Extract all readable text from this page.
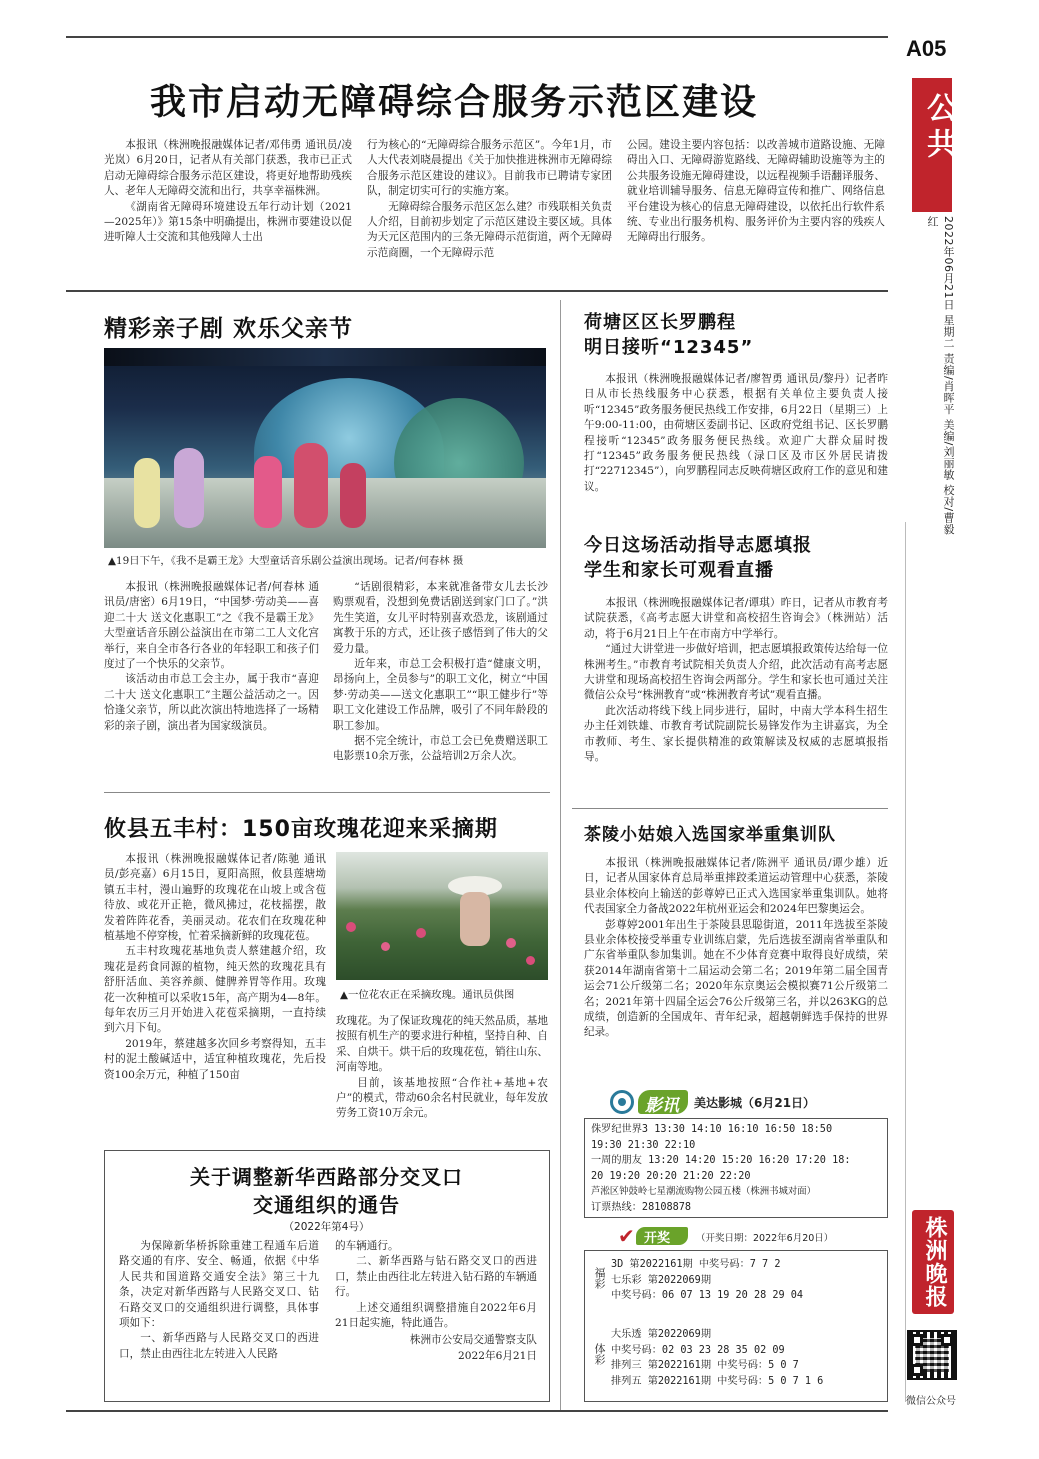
A05
公共
2022年06月21日 星期二 责编/肖晖平 美编/刘丽敏 校对/曹毅红
株洲晚报
微信公众号
我市启动无障碍综合服务示范区建设

本报讯（株洲晚报融媒体记者/邓伟勇 通讯员/凌光岚）6月20日，记者从有关部门获悉，我市已正式启动无障碍综合服务示范区建设，将更好地帮助残疾人、老年人无障碍交流和出行，共享幸福株洲。

《湖南省无障碍环境建设五年行动计划（2021—2025年）》第15条中明确提出，株洲市要建设以促进听障人士交流和其他残障人士出

行为核心的“无障碍综合服务示范区”。今年1月，市人大代表刘晓晨提出《关于加快推进株洲市无障碍综合服务示范区建设的建议》。目前我市已聘请专家团队，制定切实可行的实施方案。

无障碍综合服务示范区怎么建？市残联相关负责人介绍，目前初步划定了示范区建设主要区域。具体为天元区范围内的三条无障碍示范街道，两个无障碍示范商圈，一个无障碍示范

公园。建设主要内容包括：以改善城市道路设施、无障碍出入口、无障碍游览路线、无障碍辅助设施等为主的公共服务设施无障碍建设，以远程视频手语翻译服务、就业培训辅导服务、信息无障碍宣传和推广、网络信息平台建设为核心的信息无障碍建设，以依托出行软件系统、专业出行服务机构、服务评价为主要内容的残疾人无障碍出行服务。

精彩亲子剧 欢乐父亲节
▲19日下午，《我不是霸王龙》大型童话音乐剧公益演出现场。记者/何春林 摄

本报讯（株洲晚报融媒体记者/何春林 通讯员/唐密）6月19日，“中国梦·劳动美——喜迎二十大 送文化惠职工”之《我不是霸王龙》大型童话音乐剧公益演出在市第二工人文化宫举行，来自全市各行各业的年轻职工和孩子们度过了一个快乐的父亲节。

该活动由市总工会主办，属于我市“喜迎二十大 送文化惠职工”主题公益活动之一。因恰逢父亲节，所以此次演出特地选择了一场精彩的亲子剧，演出者为国家级演员。

“话剧很精彩，本来就准备带女儿去长沙购票观看，没想到免费话剧送到家门口了。”洪先生笑道，女儿平时特别喜欢恐龙，该剧通过寓教于乐的方式，还让孩子感悟到了伟大的父爱力量。

近年来，市总工会积极打造“健康文明，昂扬向上，全员参与”的职工文化，树立“中国梦·劳动美——送文化惠职工”“职工健步行”等职工文化建设工作品牌，吸引了不同年龄段的职工参加。

据不完全统计，市总工会已免费赠送职工电影票10余万张，公益培训2万余人次。

荷塘区区长罗鹏程
明日接听“12345”

本报讯（株洲晚报融媒体记者/廖智勇 通讯员/黎丹）记者昨日从市长热线服务中心获悉，根据有关单位主要负责人接听“12345”政务服务便民热线工作安排，6月22日（星期三）上午9:00-11:00，由荷塘区委副书记、区政府党组书记、区长罗鹏程接听“12345”政务服务便民热线。欢迎广大群众届时拨打“12345”政务服务便民热线（渌口区及市区外居民请拨打“22712345”），向罗鹏程同志反映荷塘区政府工作的意见和建议。

今日这场活动指导志愿填报
学生和家长可观看直播

本报讯（株洲晚报融媒体记者/谭琪）昨日，记者从市教育考试院获悉，《高考志愿大讲堂和高校招生咨询会》（株洲站）活动，将于6月21日上午在市南方中学举行。

“通过大讲堂进一步做好培训，把志愿填报政策传达给每一位株洲考生。”市教育考试院相关负责人介绍，此次活动有高考志愿大讲堂和现场高校招生咨询会两部分。学生和家长也可通过关注微信公众号“株洲教育”或“株洲教育考试”观看直播。

此次活动将线下线上同步进行，届时，中南大学本科生招生办主任刘铁雄、市教育考试院副院长易锋发作为主讲嘉宾，为全市教师、考生、家长提供精准的政策解读及权威的志愿填报指导。

攸县五丰村：150亩玫瑰花迎来采摘期

本报讯（株洲晚报融媒体记者/陈驰 通讯员/彭亮嘉）6月15日，夏阳高照，攸县莲塘坳镇五丰村，漫山遍野的玫瑰花在山坡上或含苞待放、或花开正艳，微风拂过，花枝摇摆，散发着阵阵花香，美丽灵动。花农们在玫瑰花种植基地不停穿梭，忙着采摘新鲜的玫瑰花苞。

五丰村玫瑰花基地负责人蔡建越介绍，玫瑰花是药食同源的植物，纯天然的玫瑰花具有舒肝活血、美容养颜、健脾养胃等作用。玫瑰花一次种植可以采收15年，高产期为4—8年。每年农历三月开始进入花苞采摘期，一直持续到六月下旬。

2019年，蔡建越多次回乡考察得知，五丰村的泥土酸碱适中，适宜种植玫瑰花，先后投资100余万元，种植了150亩

▲一位花农正在采摘玫瑰。通讯员供图

玫瑰花。为了保证玫瑰花的纯天然品质，基地按照有机生产的要求进行种植，坚持自种、自采、自烘干。烘干后的玫瑰花苞，销往山东、河南等地。

目前，该基地按照“合作社+基地+农户”的模式，带动60余名村民就业，每年发放劳务工资10万余元。

茶陵小姑娘入选国家举重集训队

本报讯（株洲晚报融媒体记者/陈洲平 通讯员/谭少雄）近日，记者从国家体育总局举重摔跤柔道运动管理中心获悉，茶陵县业余体校向上输送的彭尊婷已正式入选国家举重集训队。她将代表国家全力备战2022年杭州亚运会和2024年巴黎奥运会。

彭尊婷2001年出生于茶陵县思聪街道，2011年选拔至茶陵县业余体校接受举重专业训练启蒙，先后选拔至湖南省举重队和广东省举重队参加集训。她在不少体育竞赛中取得良好成绩，荣获2014年湖南省第十二届运动会第二名；2019年第二届全国青运会71公斤级第二名；2020年东京奥运会模拟赛71公斤级第二名；2021年第十四届全运会76公斤级第三名，并以263KG的总成绩，创造新的全国成年、青年纪录，超越朝鲜选手保持的世界纪录。

关于调整新华西路部分交叉口
交通组织的通告
（2022年第4号）

为保障新华桥拆除重建工程通车后道路交通的有序、安全、畅通，依据《中华人民共和国道路交通安全法》第三十九条，决定对新华西路与人民路交叉口、钻石路交叉口的交通组织进行调整，具体事项如下：

一、新华西路与人民路交叉口的西进口，禁止由西往北左转进入人民路

的车辆通行。

二、新华西路与钻石路交叉口的西进口，禁止由西往北左转进入钻石路的车辆通行。

上述交通组织调整措施自2022年6月21日起实施，特此通告。

株洲市公安局交通警察支队
2022年6月21日
影讯 美达影城（6月21日）
侏罗纪世界3 13:30 14:10 16:10 16:50 18:50
19:30 21:30 22:10
一周的朋友 13:20 14:20 15:20 16:20 17:20 18:
20 19:20 20:20 21:20 22:20
芦淞区钟鼓岭七星潮流购物公园五楼（株洲书城对面）
订票热线：28108878
✔ 开奖	（开奖日期：2022年6月20日）
福彩
3D 第2022161期 中奖号码：7 7 2
七乐彩 第2022069期
中奖号码：06 07 13 19 20 28 29 04
体彩
大乐透 第2022069期
中奖号码：02 03 23 28 35 02 09
排列三 第2022161期 中奖号码：5 0 7
排列五 第2022161期 中奖号码：5 0 7 1 6
